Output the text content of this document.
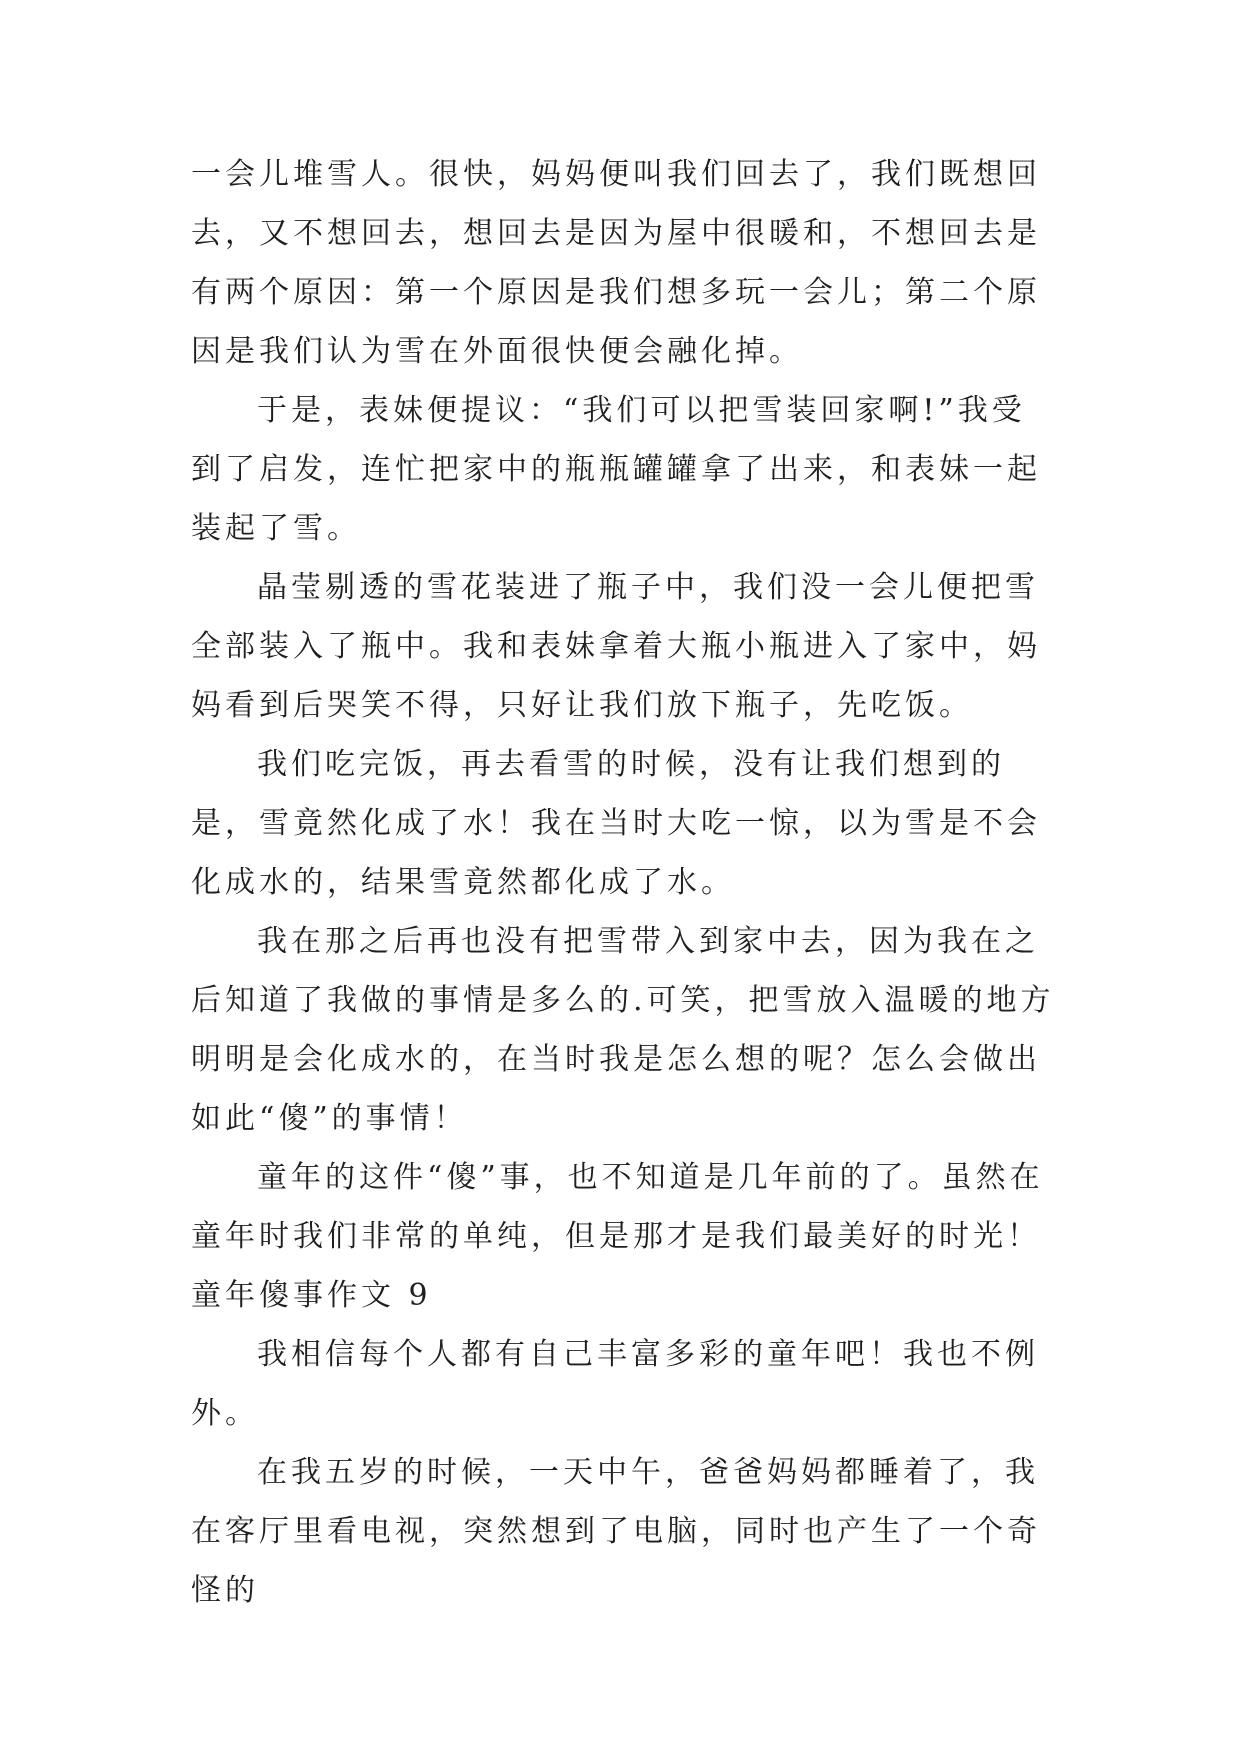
一会儿堆雪人。很快，妈妈便叫我们回去了，我们既想回去，又不想回去，想回去是因为屋中很暖和，不想回去是有两个原因：第一个原因是我们想多玩一会儿；第二个原因是我们认为雪在外面很快便会融化掉。

于是，表妹便提议：“我们可以把雪装回家啊!”我受到了启发，连忙把家中的瓶瓶罐罐拿了出来，和表妹一起装起了雪。

晶莹剔透的雪花装进了瓶子中，我们没一会儿便把雪全部装入了瓶中。我和表妹拿着大瓶小瓶进入了家中，妈妈看到后哭笑不得，只好让我们放下瓶子，先吃饭。

我们吃完饭，再去看雪的时候，没有让我们想到的是，雪竟然化成了水！我在当时大吃一惊，以为雪是不会化成水的，结果雪竟然都化成了水。

我在那之后再也没有把雪带入到家中去，因为我在之后知道了我做的事情是多么的.可笑，把雪放入温暖的地方明明是会化成水的，在当时我是怎么想的呢？怎么会做出如此“傻”的事情！

童年的这件“傻”事，也不知道是几年前的了。虽然在童年时我们非常的单纯，但是那才是我们最美好的时光！

童年傻事作文 9

我相信每个人都有自己丰富多彩的童年吧！我也不例外。

在我五岁的时候，一天中午，爸爸妈妈都睡着了，我在客厅里看电视，突然想到了电脑，同时也产生了一个奇怪的
